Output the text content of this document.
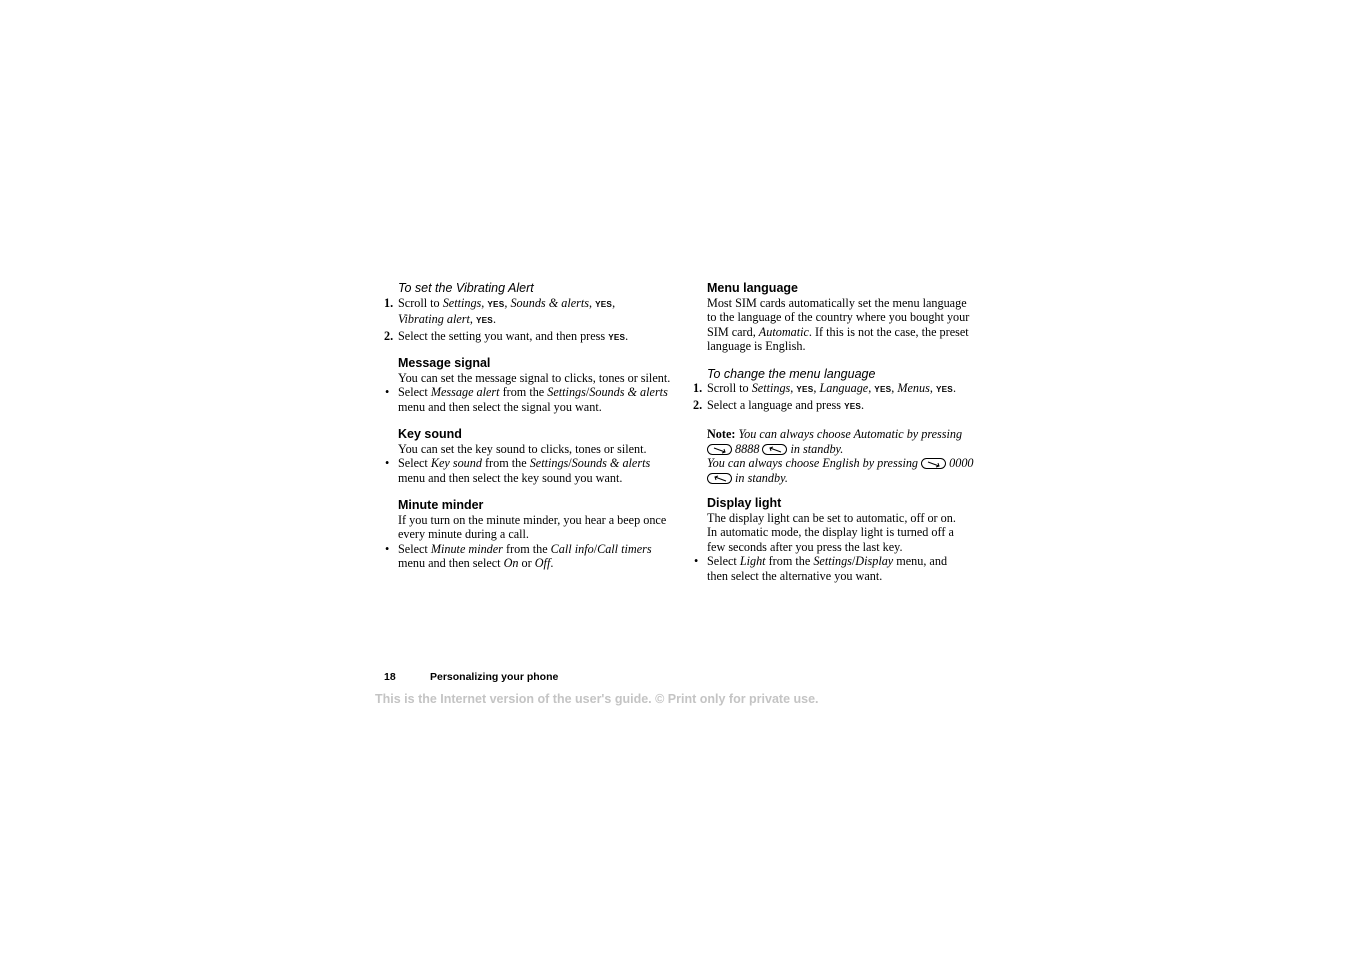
To set the Vibrating Alert
1. Scroll to Settings, YES, Sounds & alerts, YES,
Vibrating alert, YES.
2. Select the setting you want, and then press YES.
Message signal
You can set the message signal to clicks, tones or silent.
• Select Message alert from the Settings/Sounds & alerts
menu and then select the signal you want.
Key sound
You can set the key sound to clicks, tones or silent.
• Select Key sound from the Settings/Sounds & alerts
menu and then select the key sound you want.
Minute minder
If you turn on the minute minder, you hear a beep once
every minute during a call.
• Select Minute minder from the Call info/Call timers
menu and then select On or Off.
Menu language
Most SIM cards automatically set the menu language
to the language of the country where you bought your
SIM card, Automatic. If this is not the case, the preset
language is English.
To change the menu language
1. Scroll to Settings, YES, Language, YES, Menus, YES.
2. Select a language and press YES.
Note: You can always choose Automatic by pressing
8888
in standby.
You can always choose English by pressing
0000
in standby.
Display light
The display light can be set to automatic, off or on.
In automatic mode, the display light is turned off a
few seconds after you press the last key.
• Select Light from the Settings/Display menu, and
then select the alternative you want.
18	Personalizing your phone
This is the Internet version of the user's guide. © Print only for private use.
